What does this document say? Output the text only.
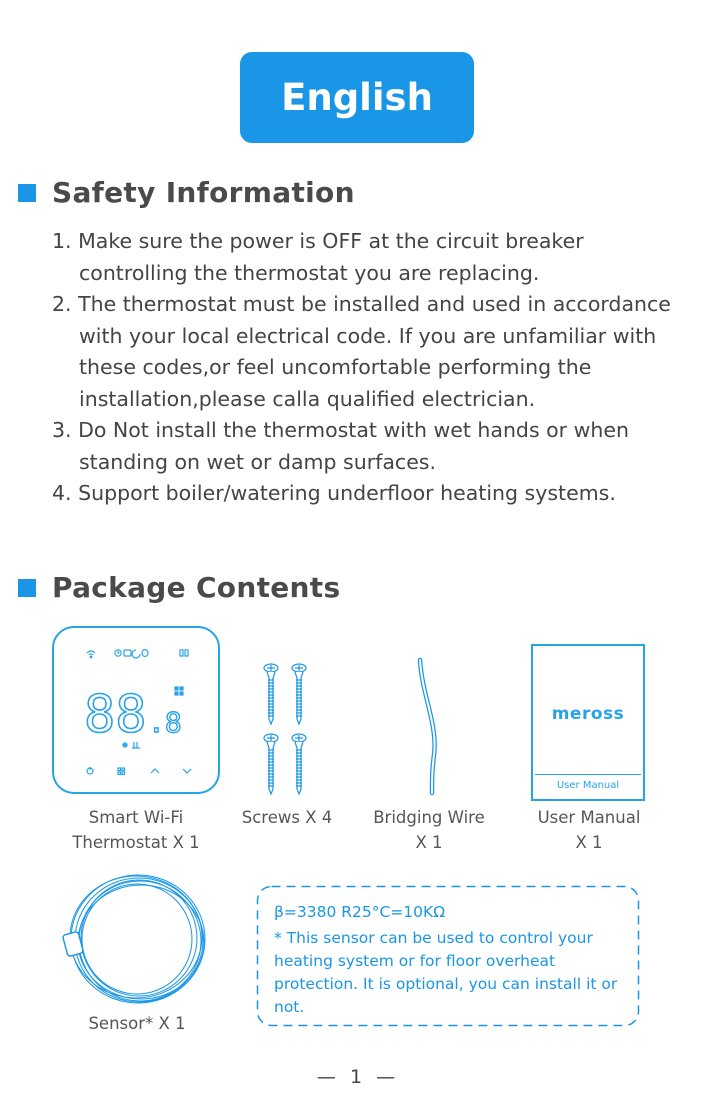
English
Safety Information
1. Make sure the power is OFF at the circuit breaker controlling the thermostat you are replacing.
2. The thermostat must be installed and used in accordance with your local electrical code. If you are unfamiliar with these codes,or feel uncomfortable performing the installation,please calla qualified electrician.
3. Do Not install the thermostat with wet hands or when standing on wet or damp surfaces.
4. Support boiler/watering underfloor heating systems.
Package Contents
88 .8
Smart Wi-Fi
Thermostat X 1
Screws X 4	Bridging Wire
X 1
meross
User Manual
User Manual
X 1
Sensor* X 1
β=3380 R25°C=10KΩ
* This sensor can be used to control your heating system or for floor overheat protection. It is optional, you can install it or not.
— 1 —
